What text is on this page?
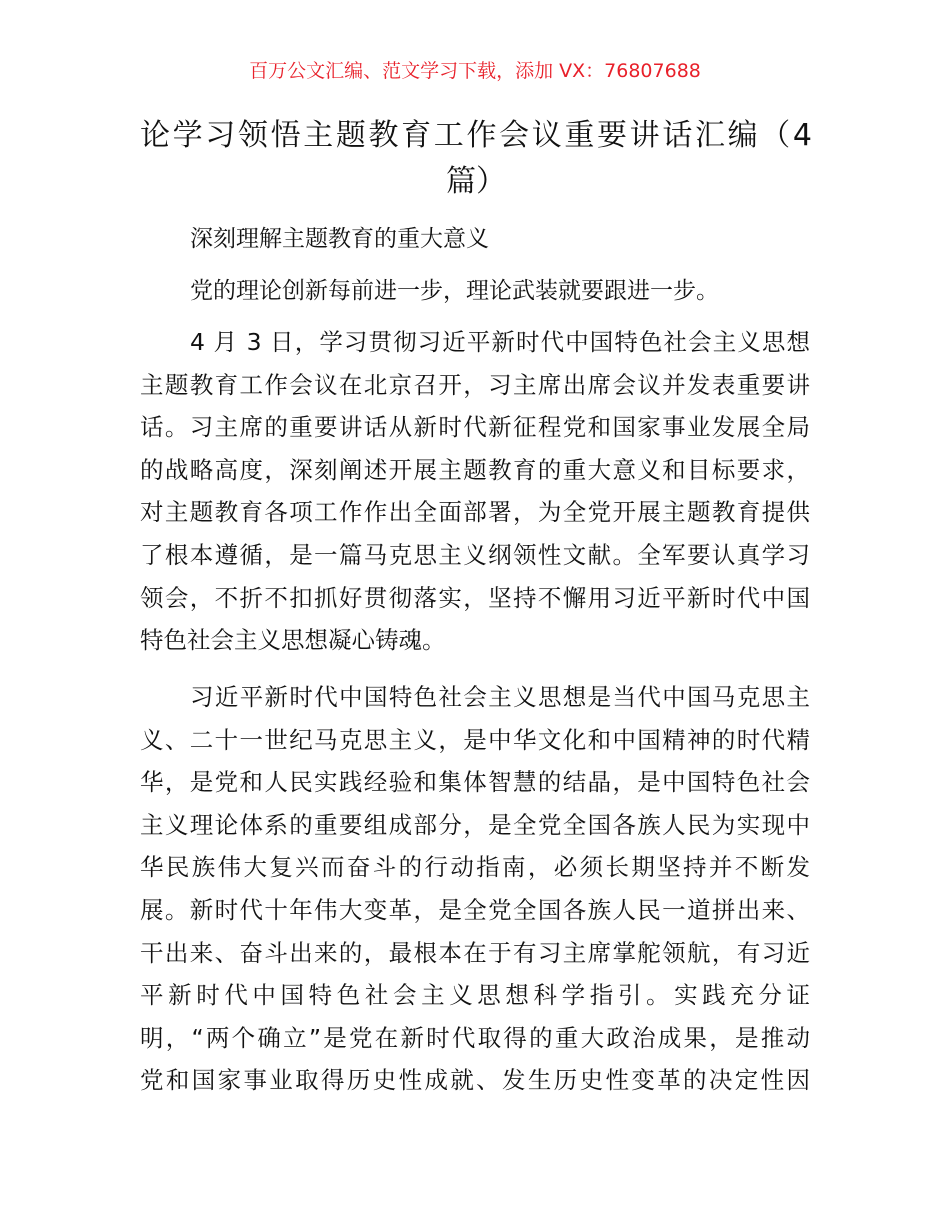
百万公文汇编、范文学习下载，添加 VX：76807688
论学习领悟主题教育工作会议重要讲话汇编（4
篇）
深刻理解主题教育的重大意义
党的理论创新每前进一步，理论武装就要跟进一步。
4 月 3 日，学习贯彻习近平新时代中国特色社会主义思想
主题教育工作会议在北京召开，习主席出席会议并发表重要讲
话。习主席的重要讲话从新时代新征程党和国家事业发展全局
的战略高度，深刻阐述开展主题教育的重大意义和目标要求，
对主题教育各项工作作出全面部署，为全党开展主题教育提供
了根本遵循，是一篇马克思主义纲领性文献。全军要认真学习
领会，不折不扣抓好贯彻落实，坚持不懈用习近平新时代中国
特色社会主义思想凝心铸魂。
习近平新时代中国特色社会主义思想是当代中国马克思主
义、二十一世纪马克思主义，是中华文化和中国精神的时代精
华，是党和人民实践经验和集体智慧的结晶，是中国特色社会
主义理论体系的重要组成部分，是全党全国各族人民为实现中
华民族伟大复兴而奋斗的行动指南，必须长期坚持并不断发
展。新时代十年伟大变革，是全党全国各族人民一道拼出来、
干出来、奋斗出来的，最根本在于有习主席掌舵领航，有习近
平新时代中国特色社会主义思想科学指引。实践充分证
明，“两个确立”是党在新时代取得的重大政治成果，是推动
党和国家事业取得历史性成就、发生历史性变革的决定性因
